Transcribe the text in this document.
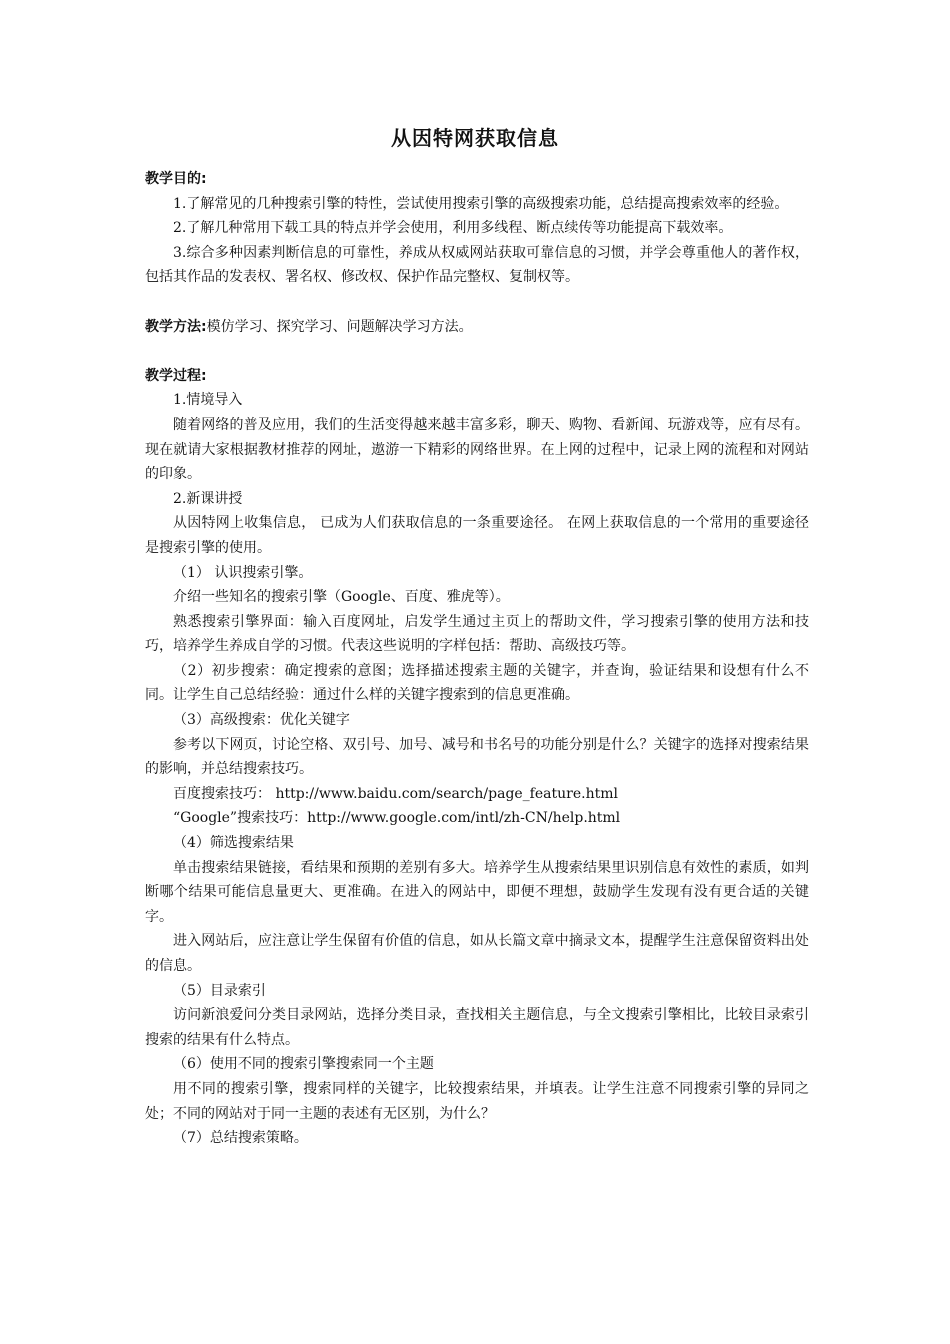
从因特网获取信息

教学目的:

1.了解常见的几种搜索引擎的特性，尝试使用搜索引擎的高级搜索功能，总结提高搜索效率的经验。

2.了解几种常用下载工具的特点并学会使用，利用多线程、断点续传等功能提高下载效率。

3.综合多种因素判断信息的可靠性，养成从权威网站获取可靠信息的习惯，并学会尊重他人的著作权，包括其作品的发表权、署名权、修改权、保护作品完整权、复制权等。

教学方法:模仿学习、探究学习、问题解决学习方法。

教学过程:

1.情境导入

随着网络的普及应用，我们的生活变得越来越丰富多彩，聊天、购物、看新闻、玩游戏等，应有尽有。现在就请大家根据教材推荐的网址，遨游一下精彩的网络世界。在上网的过程中，记录上网的流程和对网站的印象。

2.新课讲授

从因特网上收集信息， 已成为人们获取信息的一条重要途径。 在网上获取信息的一个常用的重要途径是搜索引擎的使用。

（1） 认识搜索引擎。

介绍一些知名的搜索引擎（Google、百度、雅虎等）。

熟悉搜索引擎界面：输入百度网址，启发学生通过主页上的帮助文件，学习搜索引擎的使用方法和技巧，培养学生养成自学的习惯。代表这些说明的字样包括：帮助、高级技巧等。

（2）初步搜索：确定搜索的意图；选择描述搜索主题的关键字，并查询，验证结果和设想有什么不同。让学生自己总结经验：通过什么样的关键字搜索到的信息更准确。

（3）高级搜索：优化关键字

参考以下网页，讨论空格、双引号、加号、减号和书名号的功能分别是什么？关键字的选择对搜索结果的影响，并总结搜索技巧。

百度搜索技巧： http://www.baidu.com/search/page_feature.html

“Google”搜索技巧：http://www.google.com/intl/zh-CN/help.html

（4）筛选搜索结果

单击搜索结果链接，看结果和预期的差别有多大。培养学生从搜索结果里识别信息有效性的素质，如判断哪个结果可能信息量更大、更准确。在进入的网站中，即便不理想，鼓励学生发现有没有更合适的关键字。

进入网站后，应注意让学生保留有价值的信息，如从长篇文章中摘录文本，提醒学生注意保留资料出处的信息。

（5）目录索引

访问新浪爱问分类目录网站，选择分类目录，查找相关主题信息，与全文搜索引擎相比，比较目录索引搜索的结果有什么特点。

（6）使用不同的搜索引擎搜索同一个主题

用不同的搜索引擎，搜索同样的关键字，比较搜索结果，并填表。让学生注意不同搜索引擎的异同之处；不同的网站对于同一主题的表述有无区别，为什么？

（7）总结搜索策略。
